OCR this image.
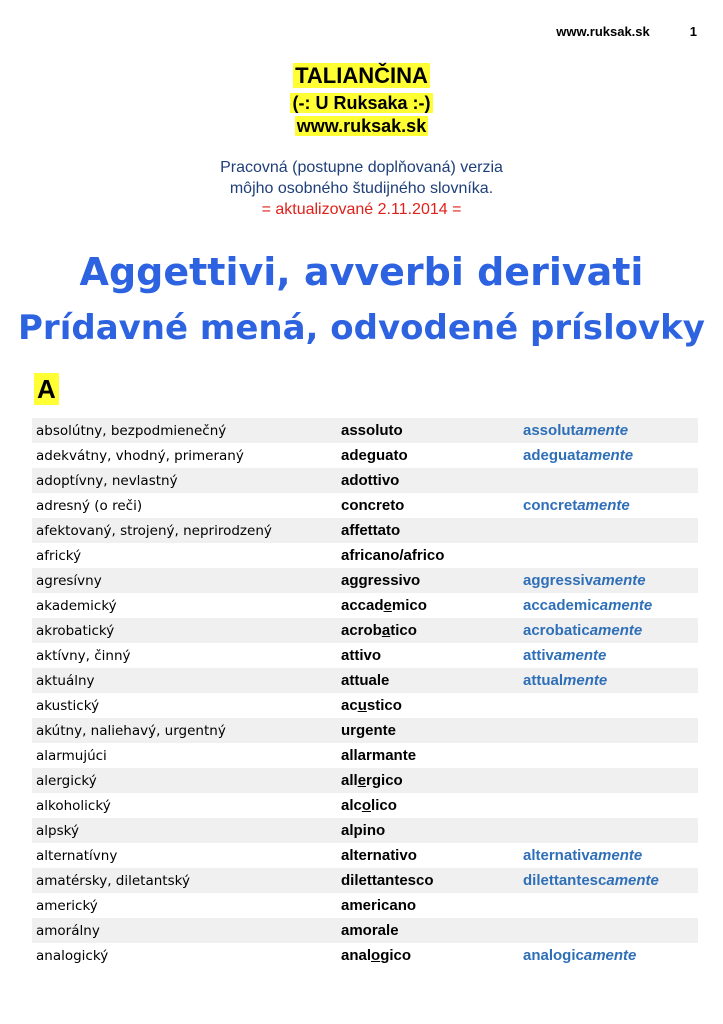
www.ruksak.sk	1
TALIANČINA
(-: U Ruksaka :-)
www.ruksak.sk
Pracovná (postupne doplňovaná) verzia
môjho osobného študijného slovníka.
= aktualizované 2.11.2014 =
Aggettivi, avverbi derivati
Prídavné mená, odvodené príslovky
A
absolútny, bezpodmienečný	assoluto	assolutamente
adekvátny, vhodný, primeraný	adeguato	adeguatamente
adoptívny, nevlastný	adottivo	
adresný (o reči)	concreto	concretamente
afektovaný, strojený, neprirodzený	affettato	
africký	africano/africo	
agresívny	aggressivo	aggressivamente
akademický	accademico	accademicamente
akrobatický	acrobatico	acrobaticamente
aktívny, činný	attivo	attivamente
aktuálny	attuale	attualmente
akustický	acustico	
akútny, naliehavý, urgentný	urgente	
alarmujúci	allarmante	
alergický	allergico	
alkoholický	alcolico	
alpský	alpino	
alternatívny	alternativo	alternativamente
amatérsky, diletantský	dilettantesco	dilettantescamente
americký	americano	
amorálny	amorale	
analogický	analogico	analogicamente
